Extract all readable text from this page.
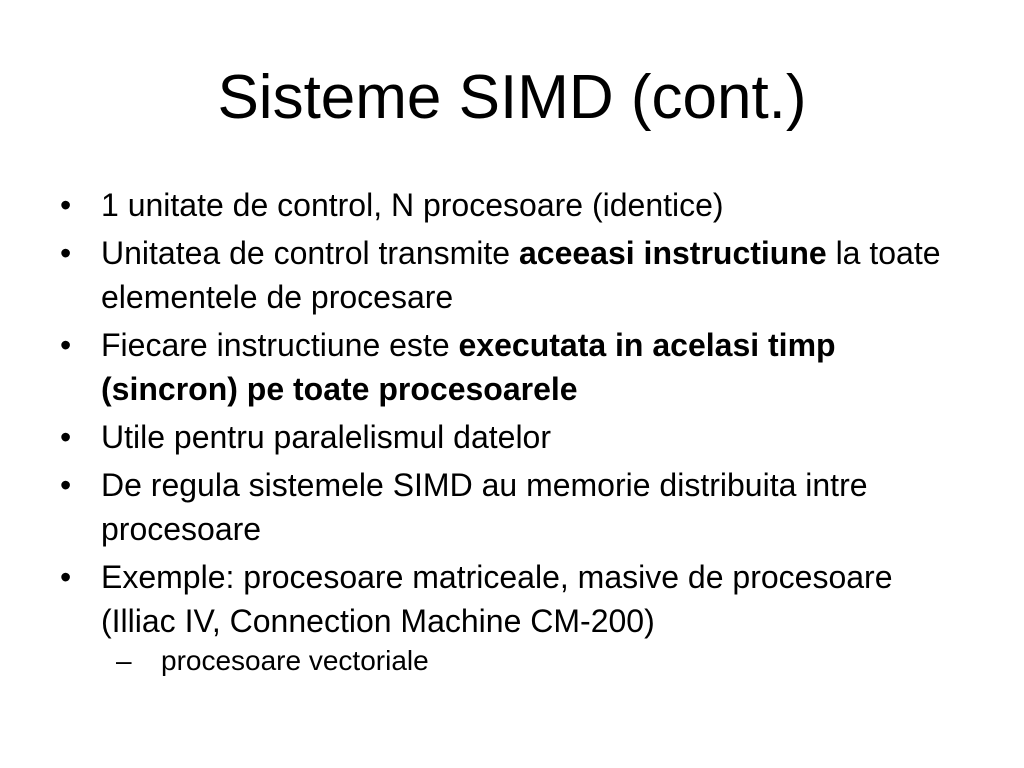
Sisteme SIMD (cont.)
• 1 unitate de control, N procesoare (identice)
• Unitatea de control transmite aceeasi instructiune la toate elementele de procesare
• Fiecare instructiune este executata in acelasi timp (sincron) pe toate procesoarele
• Utile pentru paralelismul datelor
• De regula sistemele SIMD au memorie distribuita intre procesoare
• Exemple: procesoare matriceale, masive de procesoare (Illiac IV, Connection Machine CM-200)
– procesoare vectoriale
